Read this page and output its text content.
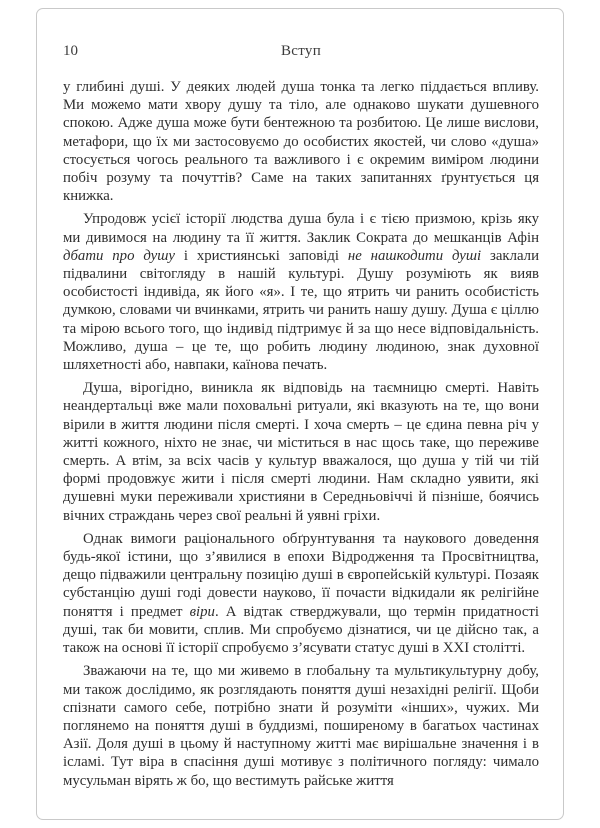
10	Вступ

у глибині душі. У деяких людей душа тонка та легко піддається впливу. Ми можемо мати хвору душу та тіло, але однаково шукати душевного спокою. Адже душа може бути бентежною та розбитою. Це лише вислови, метафори, що їх ми застосовуємо до особистих якостей, чи слово «душа» стосується чогось реального та важливого і є окремим виміром людини побіч розуму та почуттів? Саме на таких запитаннях ґрунтується ця книжка.

Упродовж усієї історії людства душа була і є тією призмою, крізь яку ми дивимося на людину та її життя. Заклик Сократа до мешканців Афін дбати про душу і християнські заповіді не нашкодити душі заклали підвалини світогляду в нашій культурі. Душу розуміють як вияв особистості індивіда, як його «я». І те, що ятрить чи ранить особистість думкою, словами чи вчинками, ятрить чи ранить нашу душу. Душа є ціллю та мірою всього того, що індивід підтримує й за що несе відповідальність. Можливо, душа – це те, що робить людину людиною, знак духовної шляхетності або, навпаки, каїнова печать.

Душа, вірогідно, виникла як відповідь на таємницю смерті. Навіть неандертальці вже мали поховальні ритуали, які вказують на те, що вони вірили в життя людини після смерті. І хоча смерть – це єдина певна річ у житті кожного, ніхто не знає, чи міститься в нас щось таке, що переживе смерть. А втім, за всіх часів у культур вважалося, що душа у тій чи тій формі продовжує жити і після смерті людини. Нам складно уявити, які душевні муки переживали християни в Середньовіччі й пізніше, боячись вічних страждань через свої реальні й уявні гріхи.

Однак вимоги раціонального обґрунтування та наукового доведення будь-якої істини, що з’явилися в епохи Відродження та Просвітництва, дещо підважили центральну позицію душі в європейській культурі. Позаяк субстанцію душі годі довести науково, її почасти відкидали як релігійне поняття і предмет віри. А відтак стверджували, що термін придатності душі, так би мовити, сплив. Ми спробуємо дізнатися, чи це дійсно так, а також на основі її історії спробуємо з’ясувати статус душі в XXI столітті.

Зважаючи на те, що ми живемо в глобальну та мультикультурну добу, ми також дослідимо, як розглядають поняття душі незахідні релігії. Щоби спізнати самого себе, потрібно знати й розуміти «інших», чужих. Ми поглянемо на поняття душі в буддизмі, поширеному в багатьох частинах Азії. Доля душі в цьому й наступному житті має вирішальне значення і в ісламі. Тут віра в спасіння душі мотивує з політичного погляду: чимало мусульман вірять ж бо, що вестимуть райське життя
